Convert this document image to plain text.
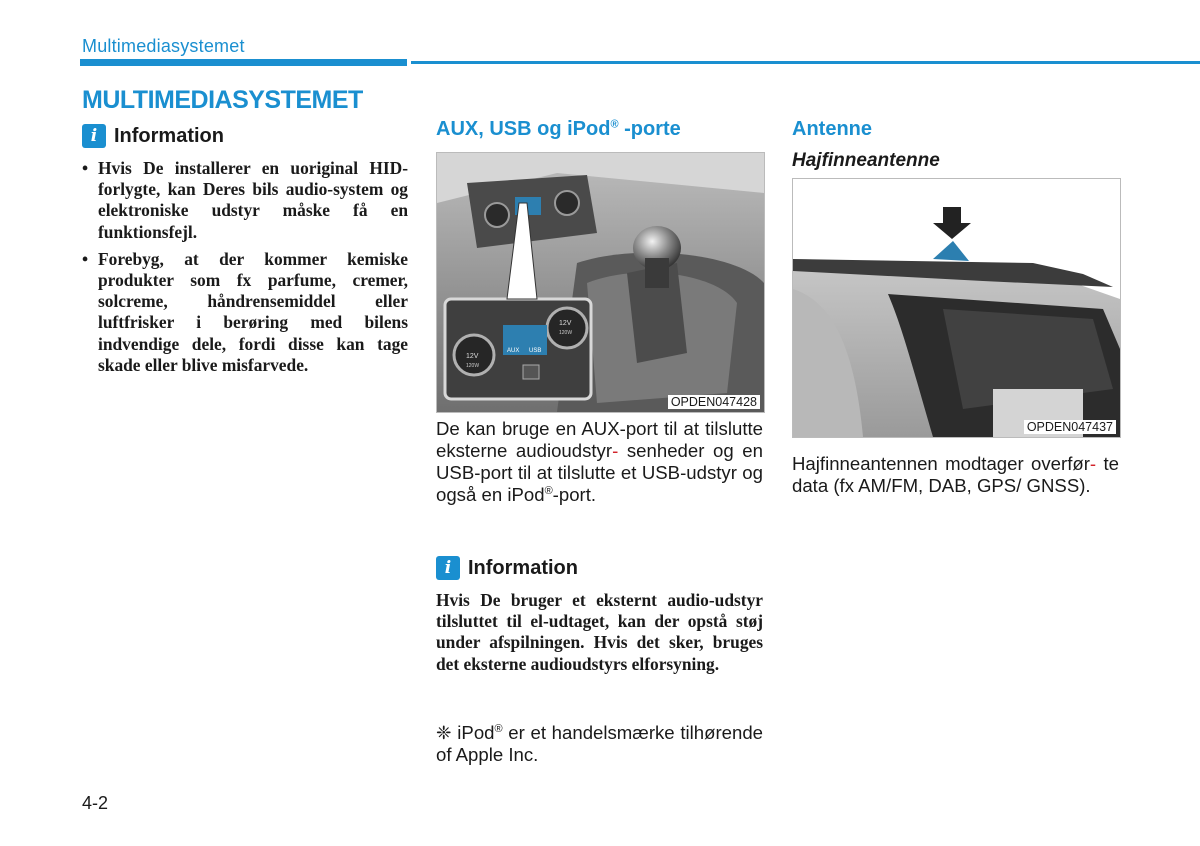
Multimediasystemet
MULTIMEDIASYSTEMET
i Information
• Hvis De installerer en uoriginal HID-forlygte, kan Deres bils audio-system og elektroniske udstyr måske få en funktionsfejl.
• Forebyg, at der kommer kemiske produkter som fx parfume, cremer, solcreme, håndrensemiddel eller luftfrisker i berøring med bilens indvendige dele, fordi disse kan tage skade eller blive misfarvede.
AUX, USB og iPod® -porte
12V
12V
AUX USB
120W
120W
OPDEN047428
De kan bruge en AUX-port til at tilslutte eksterne audioudstyr- senheder og en USB-port til at tilslutte et USB-udstyr og også en iPod®-port.
i Information
Hvis De bruger et eksternt audio-udstyr tilsluttet til el-udtaget, kan der opstå støj under afspilningen. Hvis det sker, bruges det eksterne audioudstyrs elforsyning.
❈ iPod® er et handelsmærke tilhørende of Apple Inc.
Antenne
Hajfinneantenne
OPDEN047437
Hajfinneantennen modtager overfør- te data (fx AM/FM, DAB, GPS/ GNSS).
4-2
